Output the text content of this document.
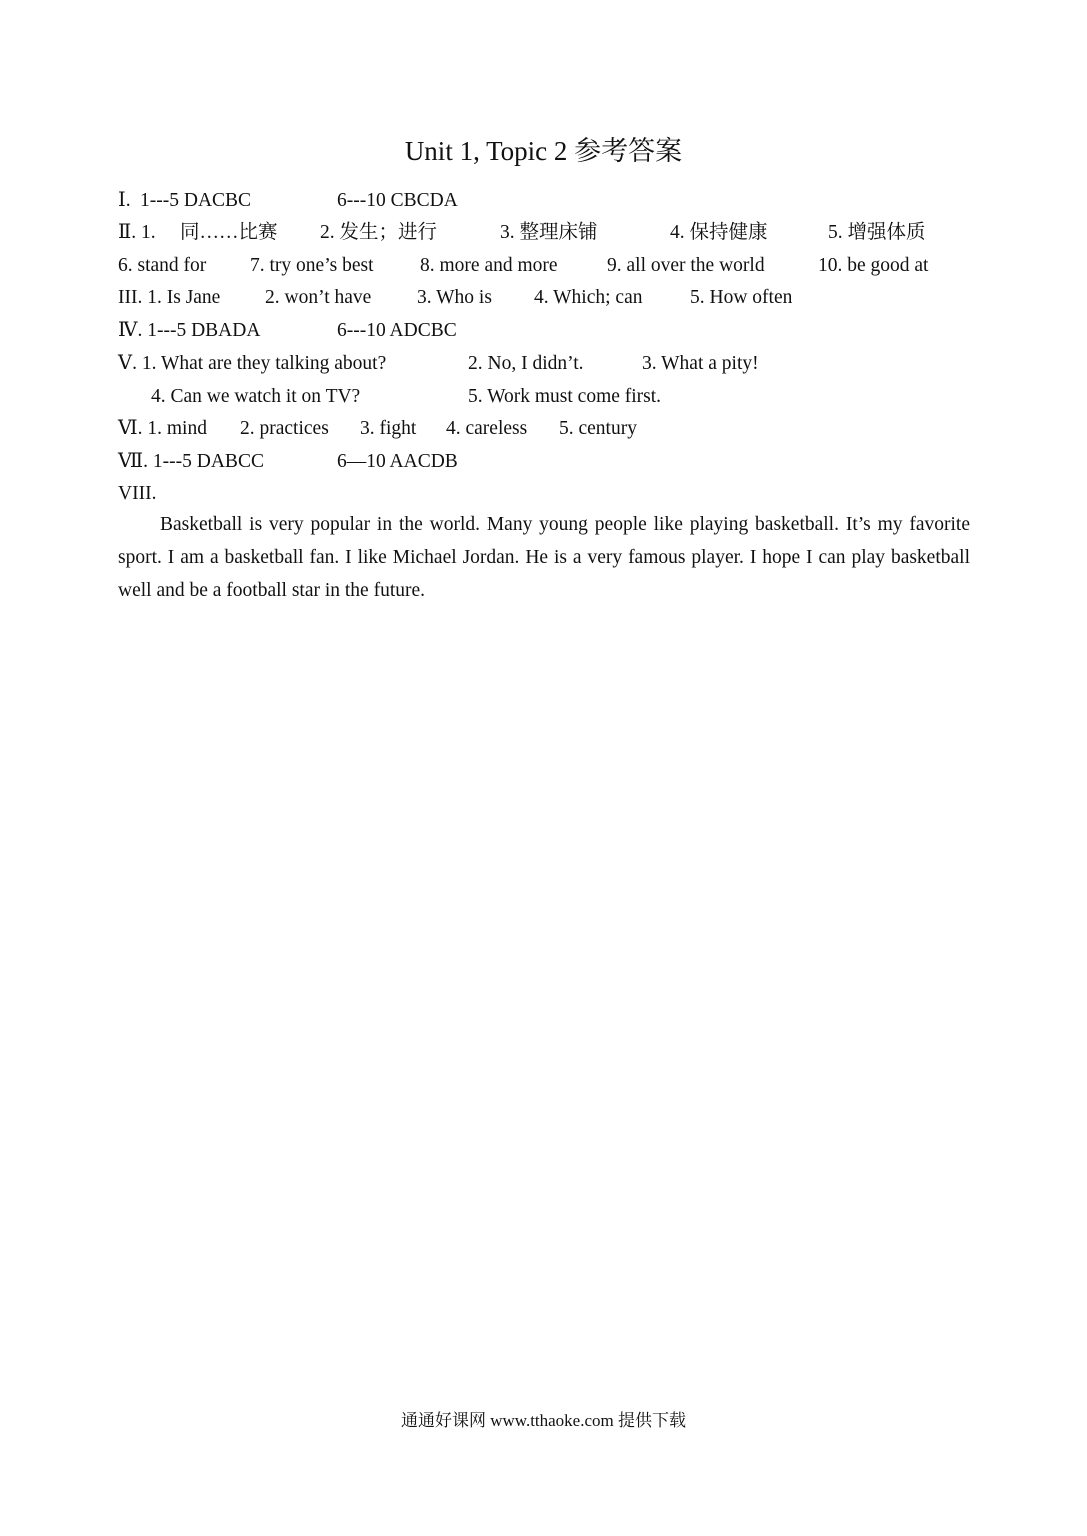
Unit 1, Topic 2 参考答案
Ⅰ. 1---5 DACBC	6---10 CBCDA
Ⅱ. 1. 同……比赛 2. 发生；进行	3. 整理床铺	4. 保持健康	5. 增强体质
6. stand for 7. try one’s best 8. more and more	9. all over the world	10. be good at
III. 1. Is Jane 2. won’t have 3. Who is 4. Which; can 5. How often
Ⅳ. 1---5 DBADA	6---10 ADCBC
Ⅴ. 1. What are they talking about?	2. No, I didn’t.	3. What a pity!
4. Can we watch it on TV?	5. Work must come first.
Ⅵ. 1. mind 2. practices 3. fight 4. careless 5. century
Ⅶ. 1---5 DABCC	6—10 AACDB
VIII.
Basketball is very popular in the world. Many young people like playing basketball. It’s my favorite sport. I am a basketball fan. I like Michael Jordan. He is a very famous player. I hope I can play basketball well and be a football star in the future.
通通好课网 www.tthaoke.com 提供下载
